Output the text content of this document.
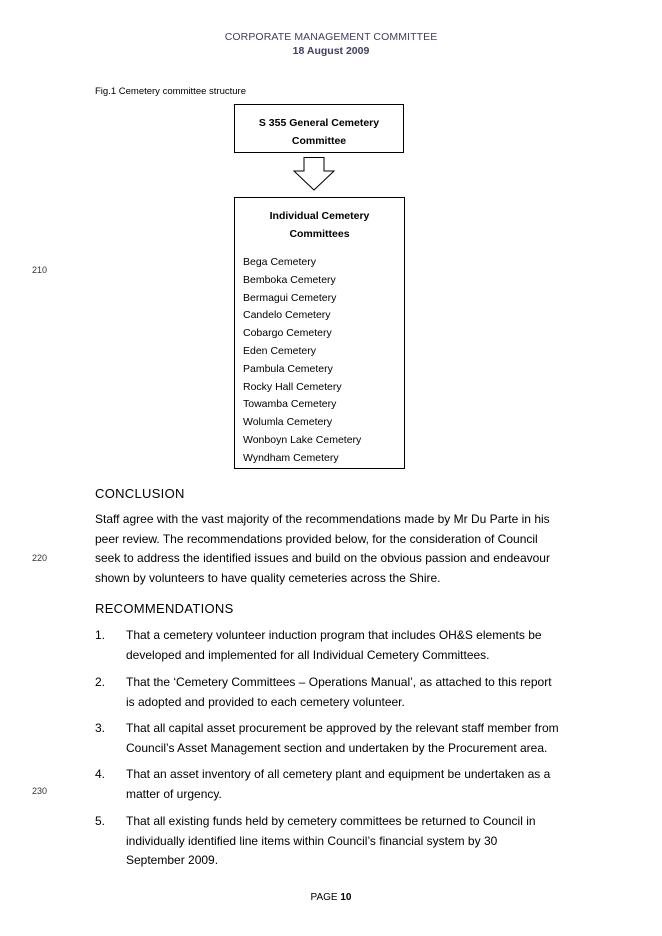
CORPORATE MANAGEMENT COMMITTEE
18 August 2009
Fig.1 Cemetery committee structure
S 355 General Cemetery
Committee
Individual Cemetery
Committees
Bega Cemetery
Bemboka Cemetery
Bermagui Cemetery
Candelo Cemetery
Cobargo Cemetery
Eden Cemetery
Pambula Cemetery
Rocky Hall Cemetery
Towamba Cemetery
Wolumla Cemetery
Wonboyn Lake Cemetery
Wyndham Cemetery
210
220
230
CONCLUSION
Staff agree with the vast majority of the recommendations made by Mr Du Parte in his
peer review. The recommendations provided below, for the consideration of Council
seek to address the identified issues and build on the obvious passion and endeavour
shown by volunteers to have quality cemeteries across the Shire.
RECOMMENDATIONS
1. That a cemetery volunteer induction program that includes OH&S elements be
developed and implemented for all Individual Cemetery Committees.
2. That the ‘Cemetery Committees – Operations Manual’, as attached to this report
is adopted and provided to each cemetery volunteer.
3. That all capital asset procurement be approved by the relevant staff member from
Council’s Asset Management section and undertaken by the Procurement area.
4. That an asset inventory of all cemetery plant and equipment be undertaken as a
matter of urgency.
5. That all existing funds held by cemetery committees be returned to Council in
individually identified line items within Council’s financial system by 30
September 2009.
PAGE 10
